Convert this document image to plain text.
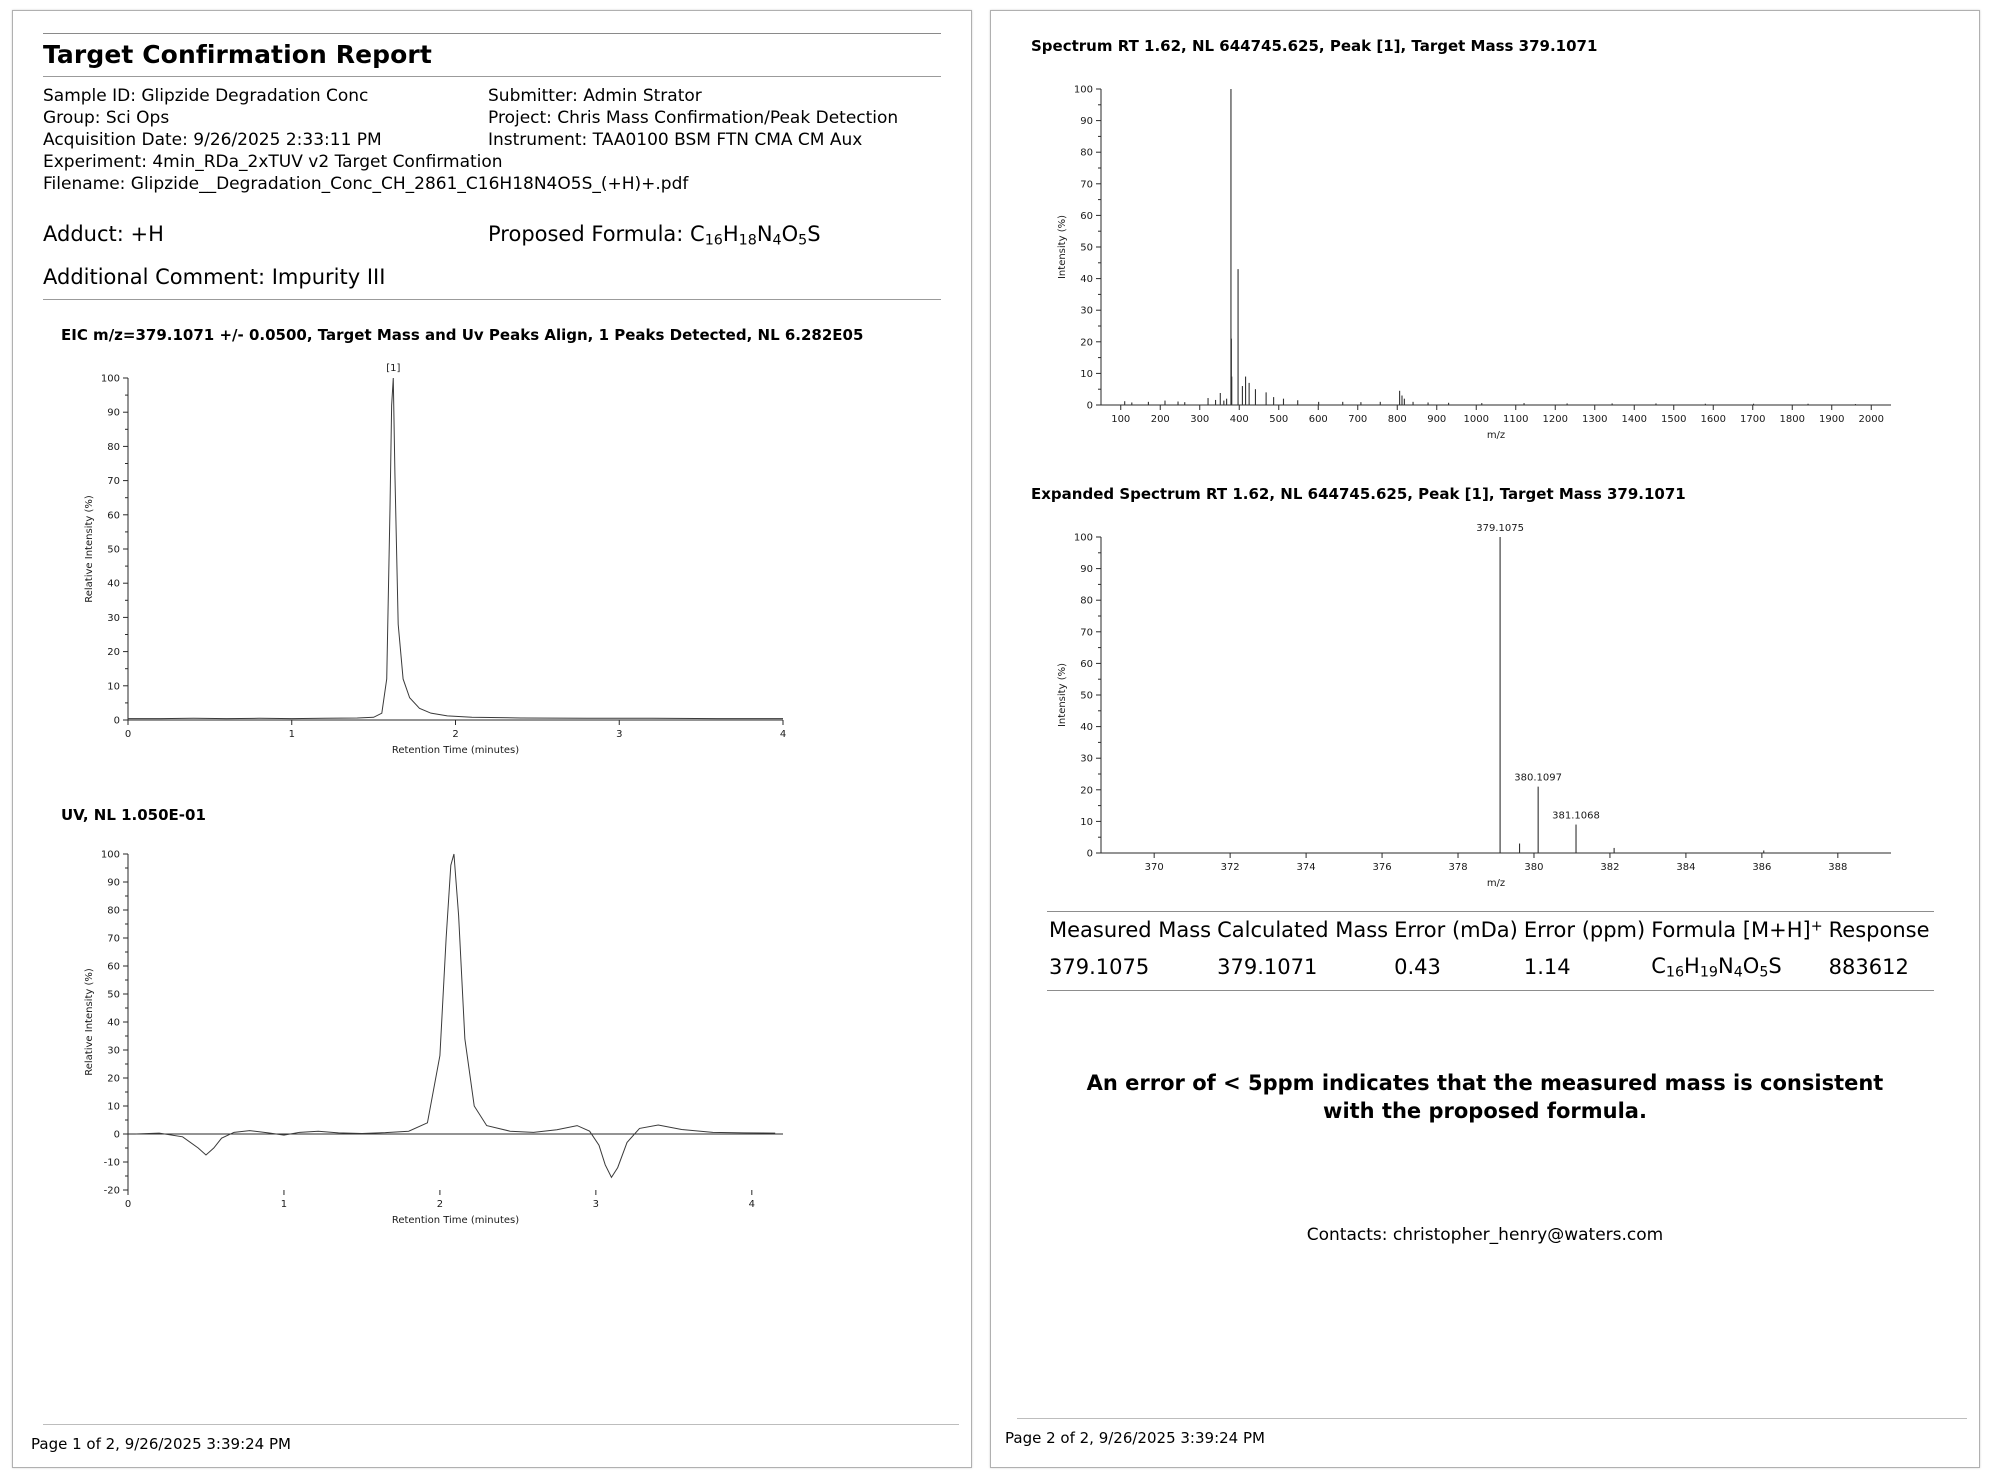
Target Confirmation Report
Sample ID: Glipzide Degradation Conc
Group: Sci Ops
Acquisition Date: 9/26/2025 2:33:11 PM
Experiment: 4min_RDa_2xTUV v2 Target Confirmation
Filename: Glipzide__Degradation_Conc_CH_2861_C16H18N4O5S_(+H)+.pdf
Submitter: Admin Strator
Project: Chris Mass Confirmation/Peak Detection
Instrument: TAA0100 BSM FTN CMA CM Aux
Adduct: +H	Proposed Formula: $C_{16}H_{18}N_4O_5S$
Additional Comment: Impurity III
EIC m/z=379.1071 +/- 0.0500, Target Mass and Uv Peaks Align, 1 Peaks Detected, NL 6.282E05
0
10
20
30
40
50
60
70
80
90
100
0	1	2	3	4
Retention Time (minutes)
Relative Intensity (%)
[1]
UV, NL 1.050E-01
-20
-10
0
10
20
30
40
50
60
70
80
90
100
0	1	2	3	4
Retention Time (minutes)
Relative Intensity (%)
Page 1 of 2, 9/26/2025 3:39:24 PM
Spectrum RT 1.62, NL 644745.625, Peak [1], Target Mass 379.1071
0
10
20
30
40
50
60
70
80
90
100
100 200 300 400 500 600 700 800 900 1000 1100 1200 1300 1400 1500 1600 1700 1800 1900 2000
m/z
Intensity (%)
Expanded Spectrum RT 1.62, NL 644745.625, Peak [1], Target Mass 379.1071
0
10
20
30
40
50
60
70
80
90
100
370	372	374	376	378	380	382	384	386	388
m/z
Intensity (%)
379.1075
380.1097
381.1068
Measured Mass	Calculated Mass	Error (mDa)	Error (ppm)	Formula [M+H]+	Response
379.1075	379.1071	0.43	1.14	$C_{16}H_{19}N_4O_5S$	883612
An error of < 5ppm indicates that the measured mass is consistent with the proposed formula.
Contacts: christopher_henry@waters.com
Page 2 of 2, 9/26/2025 3:39:24 PM
